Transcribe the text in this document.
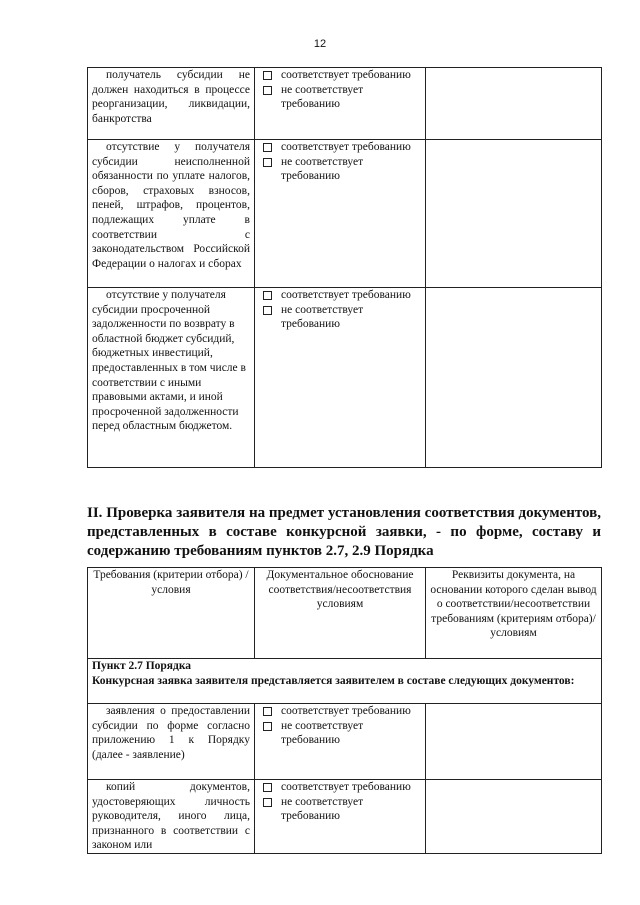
12
получатель субсидии не должен находиться в процессе реорганизации, ликвидации, банкротства	соответствует требованию
не соответствует требованию	

отсутствие у получателя субсидии неисполненной обязанности по уплате налогов, сборов, страховых взносов, пеней, штрафов, процентов, подлежащих уплате в соответствии с законодательством Российской Федерации о налогах и сборах	соответствует требованию
не соответствует требованию	

отсутствие у получателя субсидии просроченной задолженности по возврату в областной бюджет субсидий, бюджетных инвестиций, предоставленных в том числе в соответствии с иными правовыми актами, и иной просроченной задолженности перед областным бюджетом.	соответствует требованию
не соответствует требованию	

II. Проверка заявителя на предмет установления соответствия документов, представленных в составе конкурсной заявки, - по форме, составу и содержанию требованиям пунктов 2.7, 2.9 Порядка
Требования (критерии отбора) / условия	Документальное обоснование соответствия/несоответствия условиям	Реквизиты документа, на основании которого сделан вывод о соответствии/несоответствии требованиям (критериям отбора)/условиям

Пункт 2.7 Порядка
Конкурсная заявка заявителя представляется заявителем в составе следующих документов:		

заявления о предоставлении субсидии по форме согласно приложению 1 к Порядку (далее - заявление)	соответствует требованию
не соответствует требованию	

копий документов, удостоверяющих личность руководителя, иного лица, признанного в соответствии с законом или	соответствует требованию
не соответствует требованию	
